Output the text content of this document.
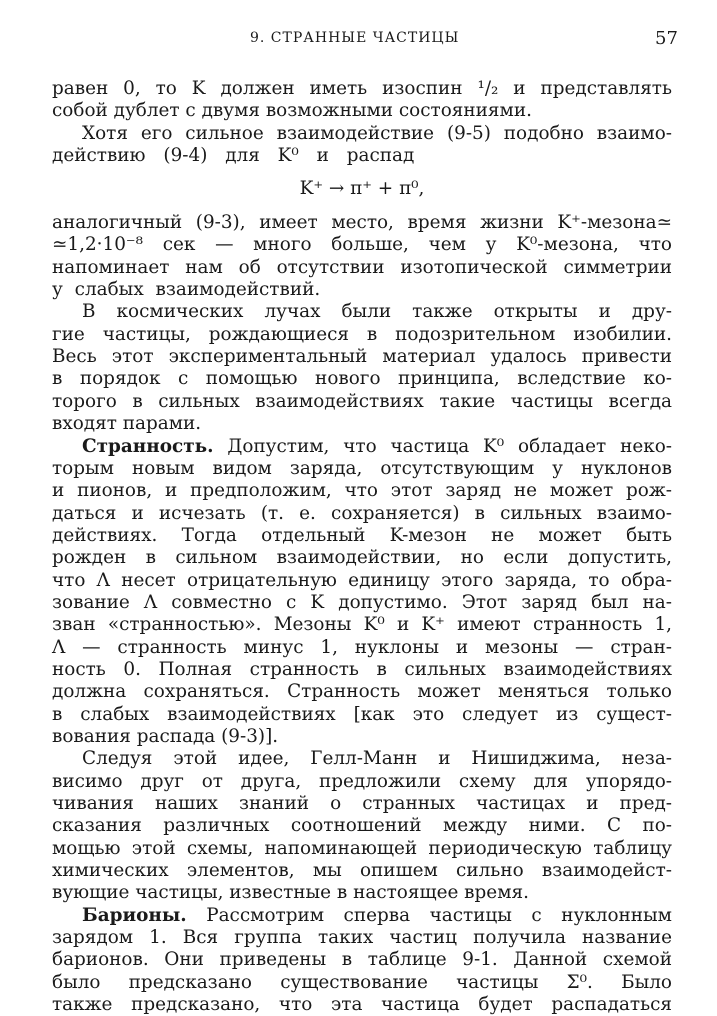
9. СТРАННЫЕ ЧАСТИЦЫ	57
равен 0, то K должен иметь изоспин ¹/₂ и представлять
собой дублет с двумя возможными состояниями.
Хотя его сильное взаимодействие (9-5) подобно взаимо-
действию (9-4) для K⁰ и распад
K⁺ → π⁺ + π⁰,
аналогичный (9-3), имеет место, время жизни K⁺-мезона≃
≃1,2·10⁻⁸ сек — много больше, чем у K⁰-мезона, что
напоминает нам об отсутствии изотопической симметрии
у слабых взаимодействий.
В космических лучах были также открыты и дру-
гие частицы, рождающиеся в подозрительном изобилии.
Весь этот экспериментальный материал удалось привести
в порядок с помощью нового принципа, вследствие ко-
торого в сильных взаимодействиях такие частицы всегда
входят парами.
Странность. Допустим, что частица K⁰ обладает неко-
торым новым видом заряда, отсутствующим у нуклонов
и пионов, и предположим, что этот заряд не может рож-
даться и исчезать (т. е. сохраняется) в сильных взаимо-
действиях. Тогда отдельный K-мезон не может быть
рожден в сильном взаимодействии, но если допустить,
что Λ несет отрицательную единицу этого заряда, то обра-
зование Λ совместно с K допустимо. Этот заряд был на-
зван «странностью». Мезоны K⁰ и K⁺ имеют странность 1,
Λ — странность минус 1, нуклоны и мезоны — стран-
ность 0. Полная странность в сильных взаимодействиях
должна сохраняться. Странность может меняться только
в слабых взаимодействиях [как это следует из сущест-
вования распада (9-3)].
Следуя этой идее, Гелл-Манн и Нишиджима, неза-
висимо друг от друга, предложили схему для упорядо-
чивания наших знаний о странных частицах и пред-
сказания различных соотношений между ними. С по-
мощью этой схемы, напоминающей периодическую таблицу
химических элементов, мы опишем сильно взаимодейст-
вующие частицы, известные в настоящее время.
Барионы. Рассмотрим сперва частицы с нуклонным
зарядом 1. Вся группа таких частиц получила название
барионов. Они приведены в таблице 9-1. Данной схемой
было предсказано существование частицы Σ⁰. Было
также предсказано, что эта частица будет распадаться
